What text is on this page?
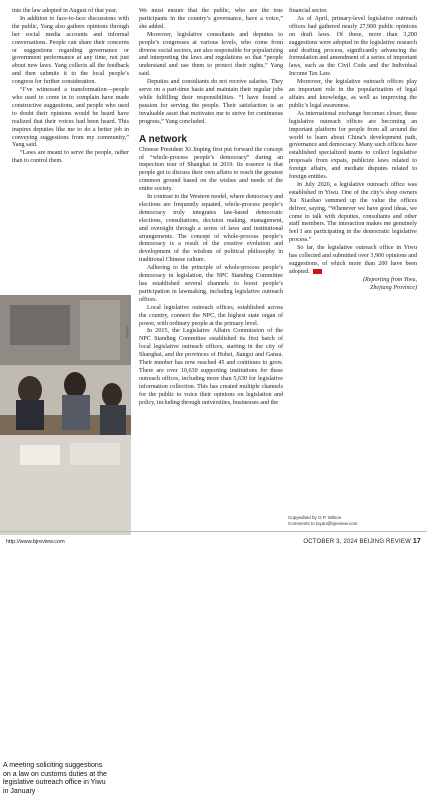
into the law adopted in August of that year.

In addition to face-to-face discussions with the public, Yang also gathers opinions through her social media accounts and informal conversations. People can share their concerns or suggestions regarding governance or government performance at any time, not just about new laws. Yang collects all the feedback and then submits it to the local people’s congress for further consideration.

“I’ve witnessed a transformation—people who used to come in to complain have made constructive suggestions, and people who used to doubt their opinions would be heard have realized that their voices had been heard. This inspires deputies like me to do a better job in conveying suggestions from my community,” Yang said.

“Laws are meant to serve the people, rather than to control them.

We must ensure that the public, who are the true participants in the country’s governance, have a voice,” she added.

Moreover, legislative consultants and deputies to people’s congresses at various levels, who come from diverse social sectors, are also responsible for popularizing and interpreting the laws and regulations so that “people understand and use them to protect their rights,” Yang said.

Deputies and consultants do not receive salaries. They serve on a part-time basis and maintain their regular jobs while fulfilling their responsibilities. “I have found a passion for serving the people. Their satisfaction is an invaluable asset that motivates me to strive for continuous progress,” Yang concluded.

A network

Chinese President Xi Jinping first put forward the concept of “whole-process people’s democracy” during an inspection tour of Shanghai in 2019. Its essence is that people get to discuss their own affairs to reach the greatest common ground based on the wishes and needs of the entire society.

In contrast to the Western model, where democracy and elections are frequently equated, whole-process people’s democracy truly integrates law-based democratic elections, consultations, decision making, management, and oversight through a series of laws and institutional arrangements. The concept of whole-process people’s democracy is a result of the creative evolution and development of the wisdom of political philosophy in traditional Chinese culture.

Adhering to the principle of whole-process people’s democracy in legislation, the NPC Standing Committee has established several channels to boost people’s participation in lawmaking, including legislative outreach offices.

Local legislative outreach offices, established across the country, connect the NPC, the highest state organ of power, with ordinary people at the primary level.

In 2015, the Legislative Affairs Commission of the NPC Standing Committee established its first batch of local legislative outreach offices, starting in the city of Shanghai, and the provinces of Hubei, Jiangxi and Gansu. Their number has now reached 45 and continues to grow. There are over 10,630 supporting institutions for these outreach offices, including more than 5,630 for legislative information collection. This has created multiple channels for the public to voice their opinions on legislation and policy, including through universities, businesses and the

financial sector.

As of April, primary-level legislative outreach offices had gathered nearly 27,900 public opinions on draft laws. Of these, more than 3,200 suggestions were adopted in the legislative research and drafting process, significantly advancing the formulation and amendment of a series of important laws, such as the Civil Code and the Individual Income Tax Law.

Moreover, the legislative outreach offices play an important role in the popularization of legal affairs and knowledge, as well as improving the public’s legal awareness.

As international exchange becomes closer, these legislative outreach offices are becoming an important platform for people from all around the world to learn about China’s development path, governance and democracy. Many such offices have established specialized teams to collect legislative proposals from expats, publicize laws related to foreign affairs, and mediate disputes related to foreign entities.

In July 2020, a legislative outreach office was established in Yiwu. One of the city’s shop owners Xu Xiaobao summed up the value the offices deliver, saying, “Whenever we have good ideas, we come to talk with deputies, consultants and other staff members. The interaction makes me genuinely feel I am participating in the democratic legislative process.”

So far, the legislative outreach office in Yiwu has collected and submitted over 3,900 opinions and suggestions, of which more than 200 have been adopted.

(Reporting from Yiwu,

Zhejiang Province)

XINHUA
A meeting soliciting suggestions on a law on customs duties at the legislative outreach office in Yiwu in January
Copyedited by G.P. Wilson
Comments to luyan@bjreview.com
http://www.bjreview.com	OCTOBER 3, 2024 BEIJING REVIEW 17
